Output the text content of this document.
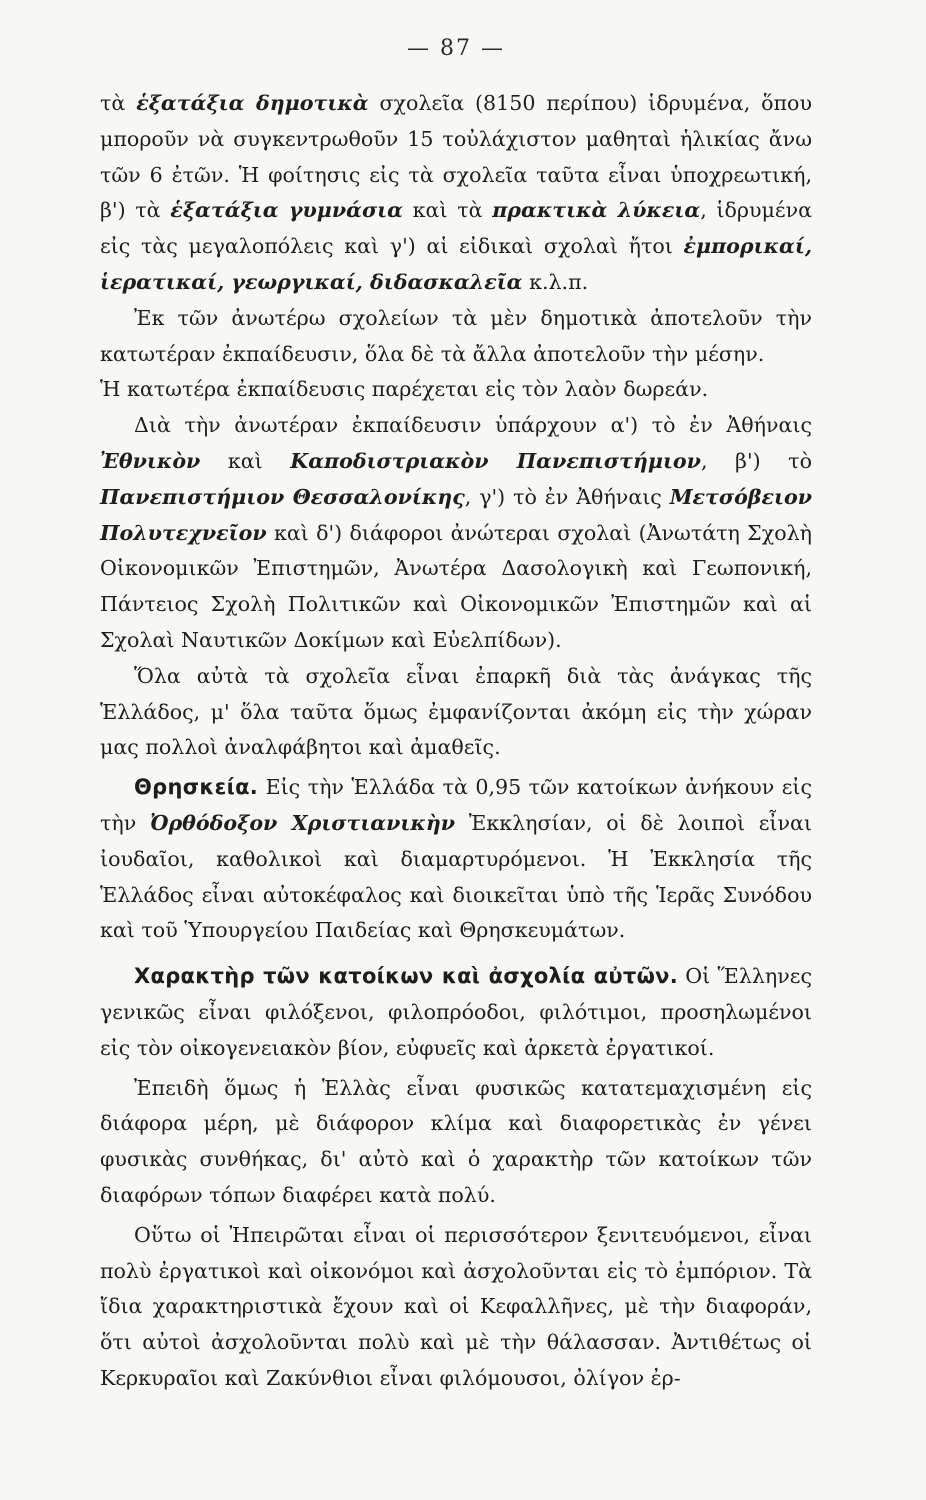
— 87 —

τὰ ἑξατάξια δημοτικὰ σχολεῖα (8150 περίπου) ἱδρυμένα, ὅπου μποροῦν νὰ συγκεντρωθοῦν 15 τοὐλάχιστον μαθηταὶ ἡλικίας ἄνω τῶν 6 ἐτῶν. Ἡ φοίτησις εἰς τὰ σχολεῖα ταῦτα εἶναι ὑποχρεωτική, β') τὰ ἑξατάξια γυμνάσια καὶ τὰ πρακτικὰ λύκεια, ἱδρυμένα εἰς τὰς μεγαλοπόλεις καὶ γ') αἱ εἰδικαὶ σχολαὶ ἤτοι ἐμπορικαί, ἱερατικαί, γεωργικαί, διδασκαλεῖα κ.λ.π.

Ἐκ τῶν ἀνωτέρω σχολείων τὰ μὲν δημοτικὰ ἀποτελοῦν τὴν κατωτέραν ἐκπαίδευσιν, ὅλα δὲ τὰ ἄλλα ἀποτελοῦν τὴν μέσην.

Ἡ κατωτέρα ἐκπαίδευσις παρέχεται εἰς τὸν λαὸν δωρεάν.

Διὰ τὴν ἀνωτέραν ἐκπαίδευσιν ὑπάρχουν α') τὸ ἐν Ἀθήναις Ἐθνικὸν καὶ Καποδιστριακὸν Πανεπιστήμιον, β') τὸ Πανεπιστήμιον Θεσσαλονίκης, γ') τὸ ἐν Ἀθήναις Μετσόβειον Πολυτεχνεῖον καὶ δ') διάφοροι ἀνώτεραι σχολαὶ (Ἀνωτάτη Σχολὴ Οἰκονομικῶν Ἐπιστημῶν, Ἀνωτέρα Δασολογικὴ καὶ Γεωπονική, Πάντειος Σχολὴ Πολιτικῶν καὶ Οἰκονομικῶν Ἐπιστημῶν καὶ αἱ Σχολαὶ Ναυτικῶν Δοκίμων καὶ Εὐελπίδων).

Ὅλα αὐτὰ τὰ σχολεῖα εἶναι ἐπαρκῆ διὰ τὰς ἀνάγκας τῆς Ἑλλάδος, μ' ὅλα ταῦτα ὅμως ἐμφανίζονται ἀκόμη εἰς τὴν χώραν μας πολλοὶ ἀναλφάβητοι καὶ ἀμαθεῖς.

Θρησκεία. Εἰς τὴν Ἑλλάδα τὰ 0,95 τῶν κατοίκων ἀνήκουν εἰς τὴν Ὀρθόδοξον Χριστιανικὴν Ἐκκλησίαν, οἱ δὲ λοιποὶ εἶναι ἰουδαῖοι, καθολικοὶ καὶ διαμαρτυρόμενοι. Ἡ Ἐκκλησία τῆς Ἑλλάδος εἶναι αὐτοκέφαλος καὶ διοικεῖται ὑπὸ τῆς Ἱερᾶς Συνόδου καὶ τοῦ Ὑπουργείου Παιδείας καὶ Θρησκευμάτων.

Χαρακτὴρ τῶν κατοίκων καὶ ἀσχολία αὐτῶν. Οἱ Ἕλληνες γενικῶς εἶναι φιλόξενοι, φιλοπρόοδοι, φιλότιμοι, προσηλωμένοι εἰς τὸν οἰκογενειακὸν βίον, εὐφυεῖς καὶ ἀρκετὰ ἐργατικοί.

Ἐπειδὴ ὅμως ἡ Ἑλλὰς εἶναι φυσικῶς κατατεμαχισμένη εἰς διάφορα μέρη, μὲ διάφορον κλίμα καὶ διαφορετικὰς ἐν γένει φυσικὰς συνθήκας, δι' αὐτὸ καὶ ὁ χαρακτὴρ τῶν κατοίκων τῶν διαφόρων τόπων διαφέρει κατὰ πολύ.

Οὕτω οἱ Ἠπειρῶται εἶναι οἱ περισσότερον ξενιτευόμενοι, εἶναι πολὺ ἐργατικοὶ καὶ οἰκονόμοι καὶ ἀσχολοῦνται εἰς τὸ ἐμπόριον. Τὰ ἴδια χαρακτηριστικὰ ἔχουν καὶ οἱ Κεφαλλῆνες, μὲ τὴν διαφοράν, ὅτι αὐτοὶ ἀσχολοῦνται πολὺ καὶ μὲ τὴν θάλασσαν. Ἀντιθέτως οἱ Κερκυραῖοι καὶ Ζακύνθιοι εἶναι φιλόμουσοι, ὀλίγον ἐρ-
